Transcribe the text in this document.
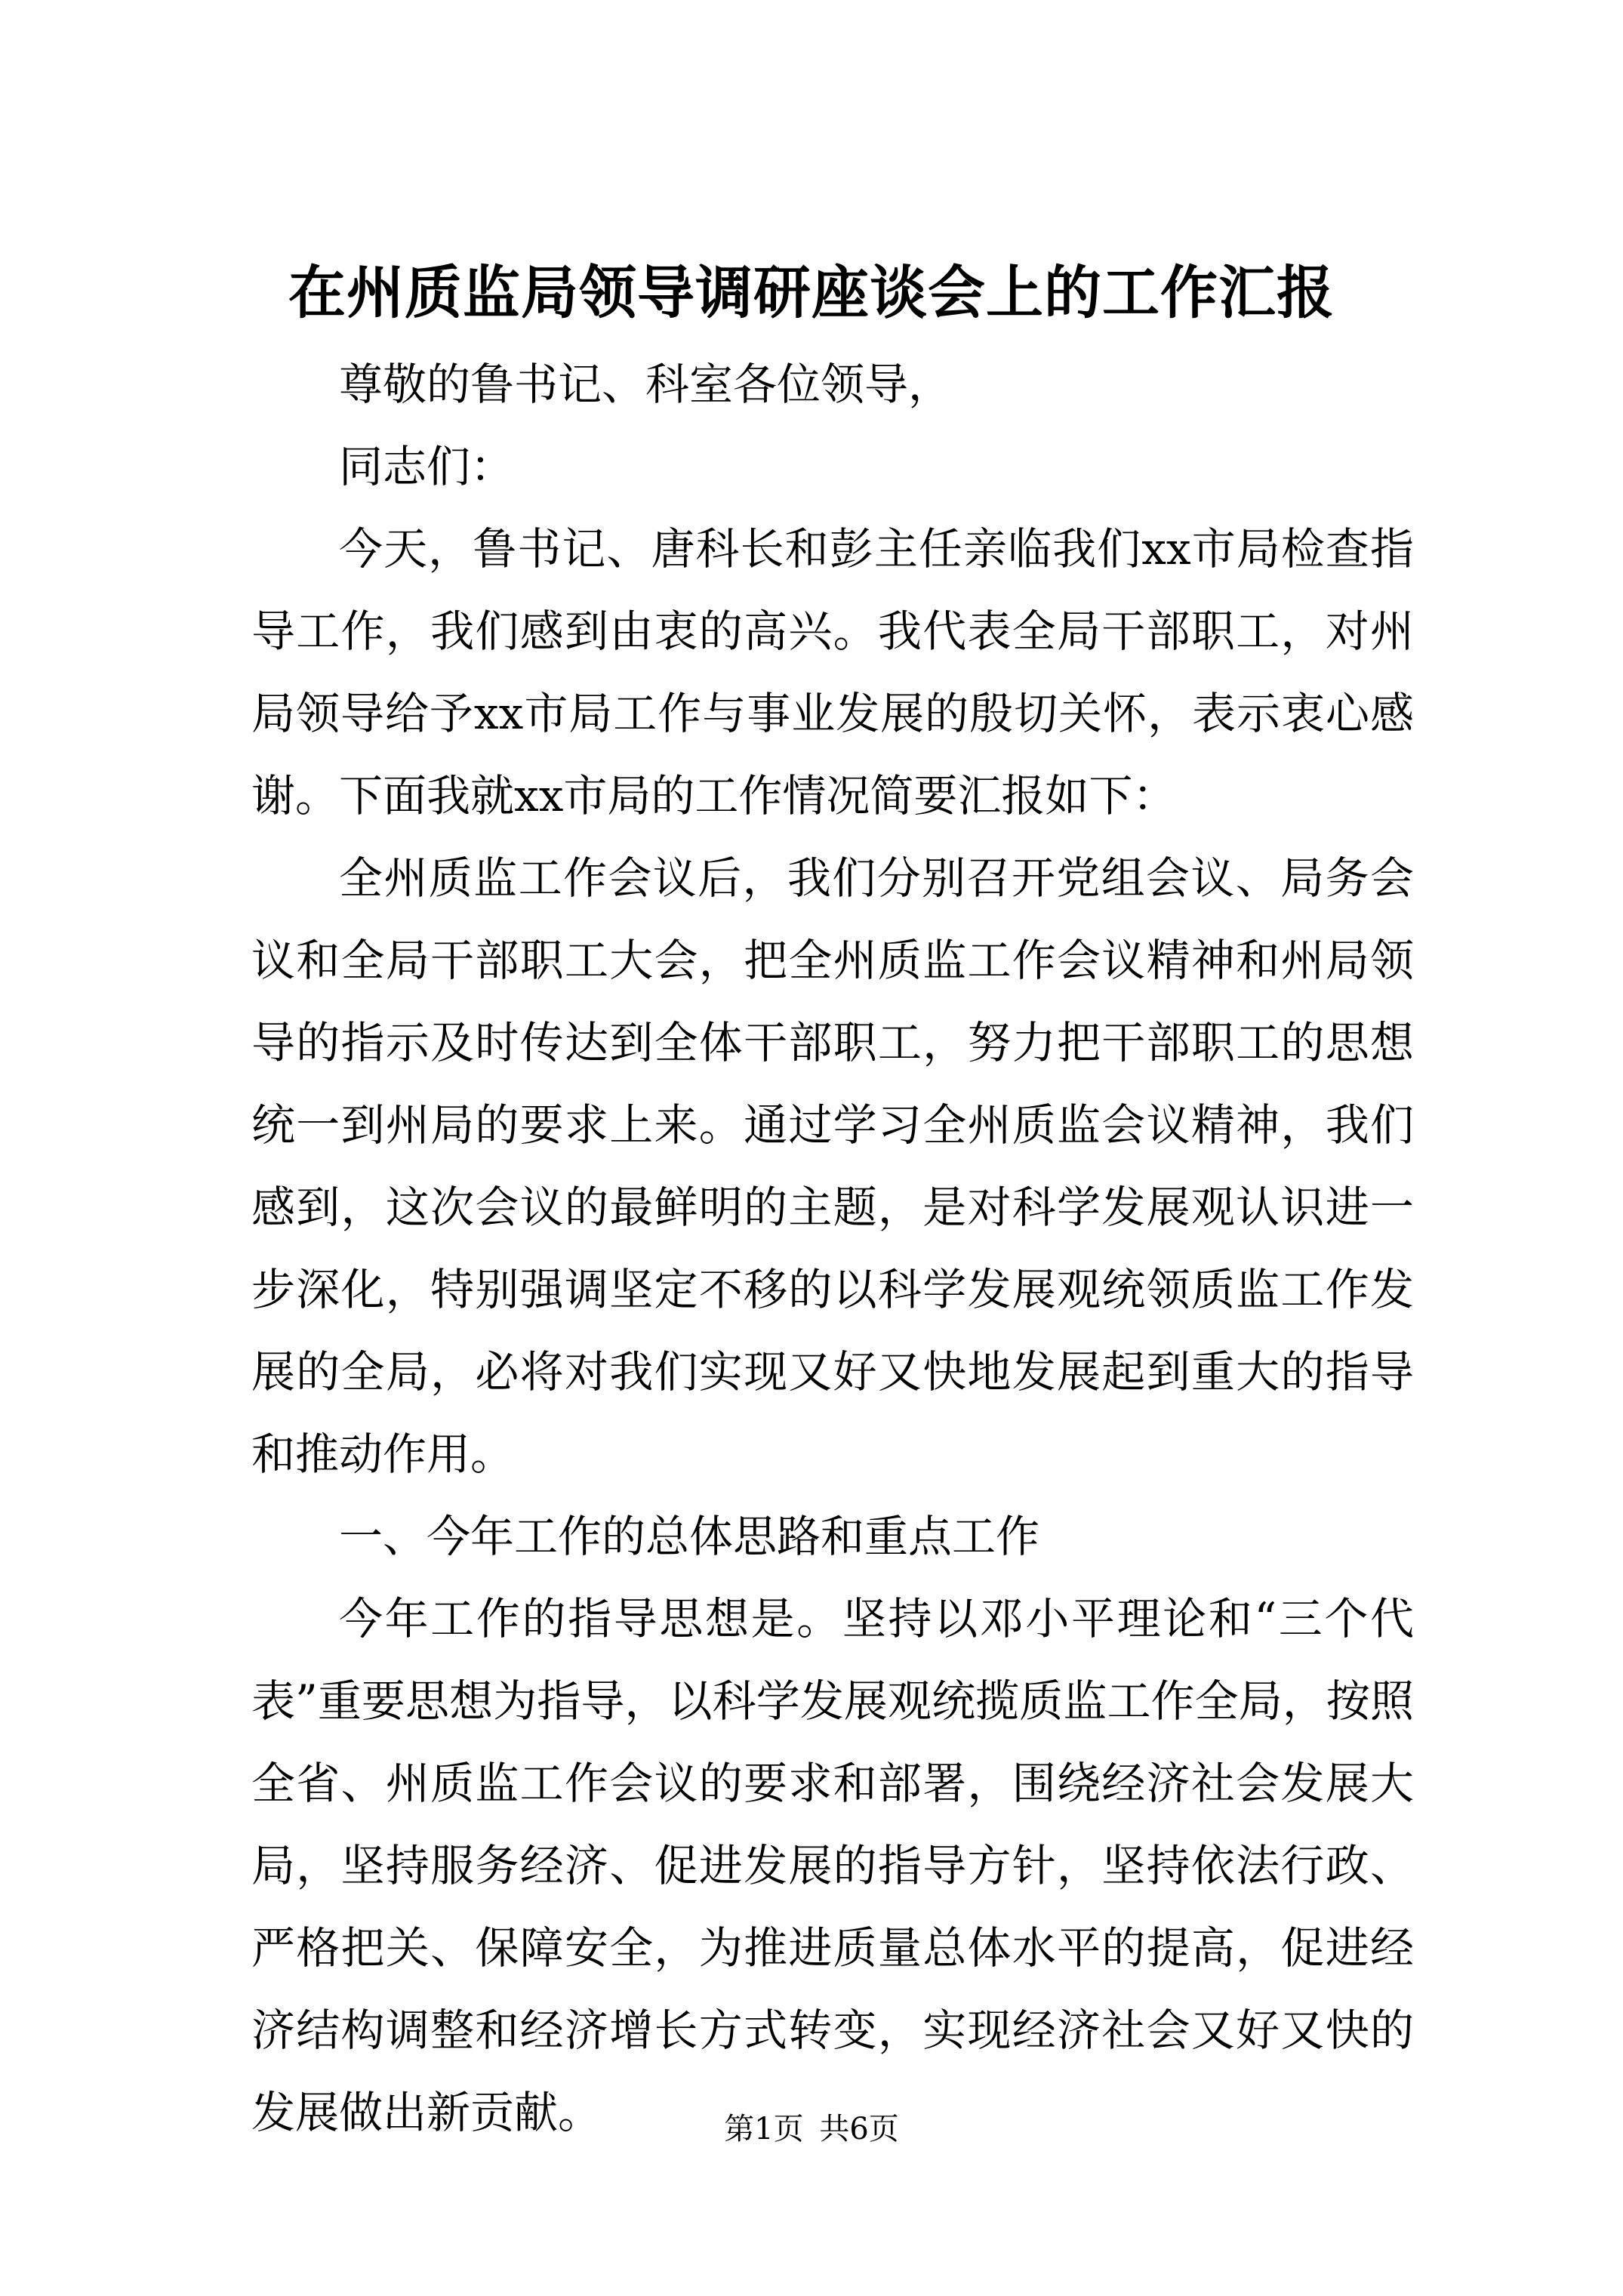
在州质监局领导调研座谈会上的工作汇报

尊敬的鲁书记、科室各位领导，

同志们：

今天，鲁书记、唐科长和彭主任亲临我们xx市局检查指导工作，我们感到由衷的高兴。我代表全局干部职工，对州局领导给予xx市局工作与事业发展的殷切关怀，表示衷心感谢。下面我就xx市局的工作情况简要汇报如下：

全州质监工作会议后，我们分别召开党组会议、局务会议和全局干部职工大会，把全州质监工作会议精神和州局领导的指示及时传达到全体干部职工，努力把干部职工的思想统一到州局的要求上来。通过学习全州质监会议精神，我们感到，这次会议的最鲜明的主题，是对科学发展观认识进一步深化，特别强调坚定不移的以科学发展观统领质监工作发展的全局，必将对我们实现又好又快地发展起到重大的指导和推动作用。

一、今年工作的总体思路和重点工作

今年工作的指导思想是。坚持以邓小平理论和“三个代表”重要思想为指导，以科学发展观统揽质监工作全局，按照全省、州质监工作会议的要求和部署，围绕经济社会发展大局，坚持服务经济、促进发展的指导方针，坚持依法行政、严格把关、保障安全，为推进质量总体水平的提高，促进经济结构调整和经济增长方式转变，实现经济社会又好又快的发展做出新贡献。	第1页 共6页
